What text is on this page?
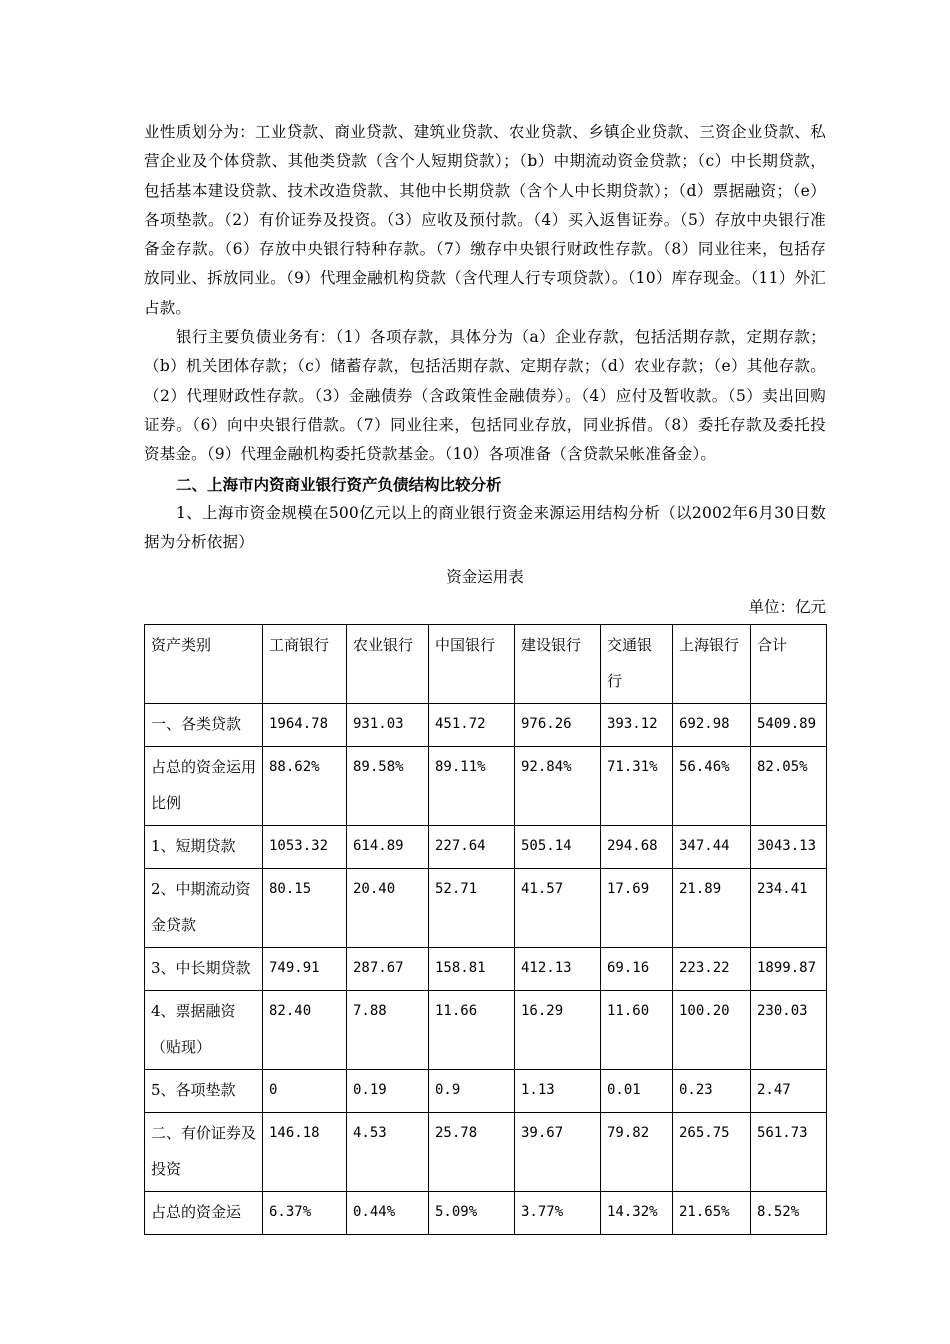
业性质划分为：工业贷款、商业贷款、建筑业贷款、农业贷款、乡镇企业贷款、三资企业贷款、私营企业及个体贷款、其他类贷款（含个人短期贷款）；（b）中期流动资金贷款；（c）中长期贷款，包括基本建设贷款、技术改造贷款、其他中长期贷款（含个人中长期贷款）；（d）票据融资；（e）各项垫款。（2）有价证券及投资。（3）应收及预付款。（4）买入返售证券。（5）存放中央银行准备金存款。（6）存放中央银行特种存款。（7）缴存中央银行财政性存款。（8）同业往来，包括存放同业、拆放同业。（9）代理金融机构贷款（含代理人行专项贷款）。（10）库存现金。（11）外汇占款。

银行主要负债业务有：（1）各项存款，具体分为（a）企业存款，包括活期存款，定期存款；（b）机关团体存款；（c）储蓄存款，包括活期存款、定期存款；（d）农业存款；（e）其他存款。（2）代理财政性存款。（3）金融债券（含政策性金融债券）。（4）应付及暂收款。（5）卖出回购证券。（6）向中央银行借款。（7）同业往来，包括同业存放，同业拆借。（8）委托存款及委托投资基金。（9）代理金融机构委托贷款基金。（10）各项准备（含贷款呆帐准备金）。

二、上海市内资商业银行资产负债结构比较分析

1、上海市资金规模在500亿元以上的商业银行资金来源运用结构分析（以2002年6月30日数据为分析依据）

资金运用表

单位：亿元

资产类别	工商银行	农业银行	中国银行	建设银行	交通银行	上海银行	合计
一、各类贷款	1964.78	931.03	451.72	976.26	393.12	692.98	5409.89
占总的资金运用比例	88.62%	89.58%	89.11%	92.84%	71.31%	56.46%	82.05%
1、短期贷款	1053.32	614.89	227.64	505.14	294.68	347.44	3043.13
2、中期流动资金贷款	80.15	20.40	52.71	41.57	17.69	21.89	234.41
3、中长期贷款	749.91	287.67	158.81	412.13	69.16	223.22	1899.87
4、票据融资（贴现）	82.40	7.88	11.66	16.29	11.60	100.20	230.03
5、各项垫款	0	0.19	0.9	1.13	0.01	0.23	2.47
二、有价证券及投资	146.18	4.53	25.78	39.67	79.82	265.75	561.73
占总的资金运	6.37%	0.44%	5.09%	3.77%	14.32%	21.65%	8.52%
